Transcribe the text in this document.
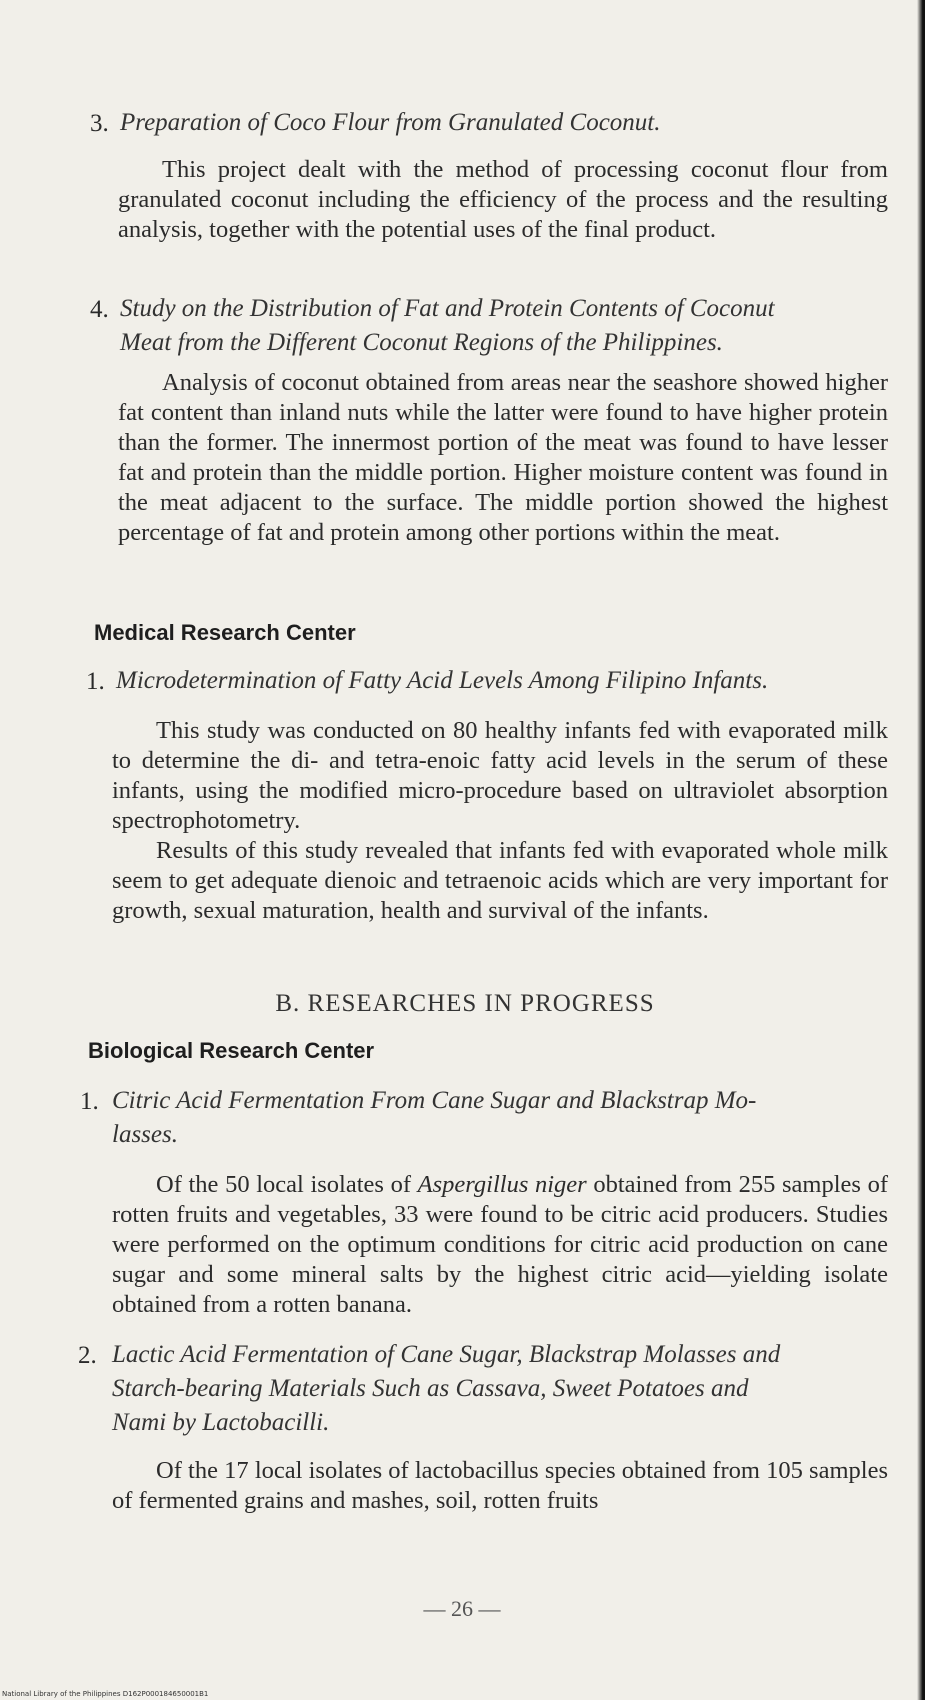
3. Preparation of Coco Flour from Granulated Coconut.

This project dealt with the method of processing coconut flour from granulated coconut including the efficiency of the process and the resulting analysis, together with the potential uses of the final product.

4. Study on the Distribution of Fat and Protein Contents of Coconut
Meat from the Different Coconut Regions of the Philippines.

Analysis of coconut obtained from areas near the seashore showed higher fat content than inland nuts while the latter were found to have higher protein than the former. The innermost portion of the meat was found to have lesser fat and protein than the middle portion. Higher moisture content was found in the meat adjacent to the surface. The middle portion showed the highest percentage of fat and protein among other portions within the meat.

Medical Research Center
1. Microdetermination of Fatty Acid Levels Among Filipino Infants.

This study was conducted on 80 healthy infants fed with evaporated milk to determine the di- and tetra-enoic fatty acid levels in the serum of these infants, using the modified micro-procedure based on ultraviolet absorption spectrophotometry.

Results of this study revealed that infants fed with evaporated whole milk seem to get adequate dienoic and tetraenoic acids which are very important for growth, sexual maturation, health and survival of the infants.

B. RESEARCHES IN PROGRESS
Biological Research Center
1. Citric Acid Fermentation From Cane Sugar and Blackstrap Mo-
lasses.

Of the 50 local isolates of Aspergillus niger obtained from 255 samples of rotten fruits and vegetables, 33 were found to be citric acid producers. Studies were performed on the optimum conditions for citric acid production on cane sugar and some mineral salts by the highest citric acid—yielding isolate obtained from a rotten banana.

2. Lactic Acid Fermentation of Cane Sugar, Blackstrap Molasses and
Starch-bearing Materials Such as Cassava, Sweet Potatoes and
Nami by Lactobacilli.

Of the 17 local isolates of lactobacillus species obtained from 105 samples of fermented grains and mashes, soil, rotten fruits

— 26 —
National Library of the Philippines D162P000184650001B1
